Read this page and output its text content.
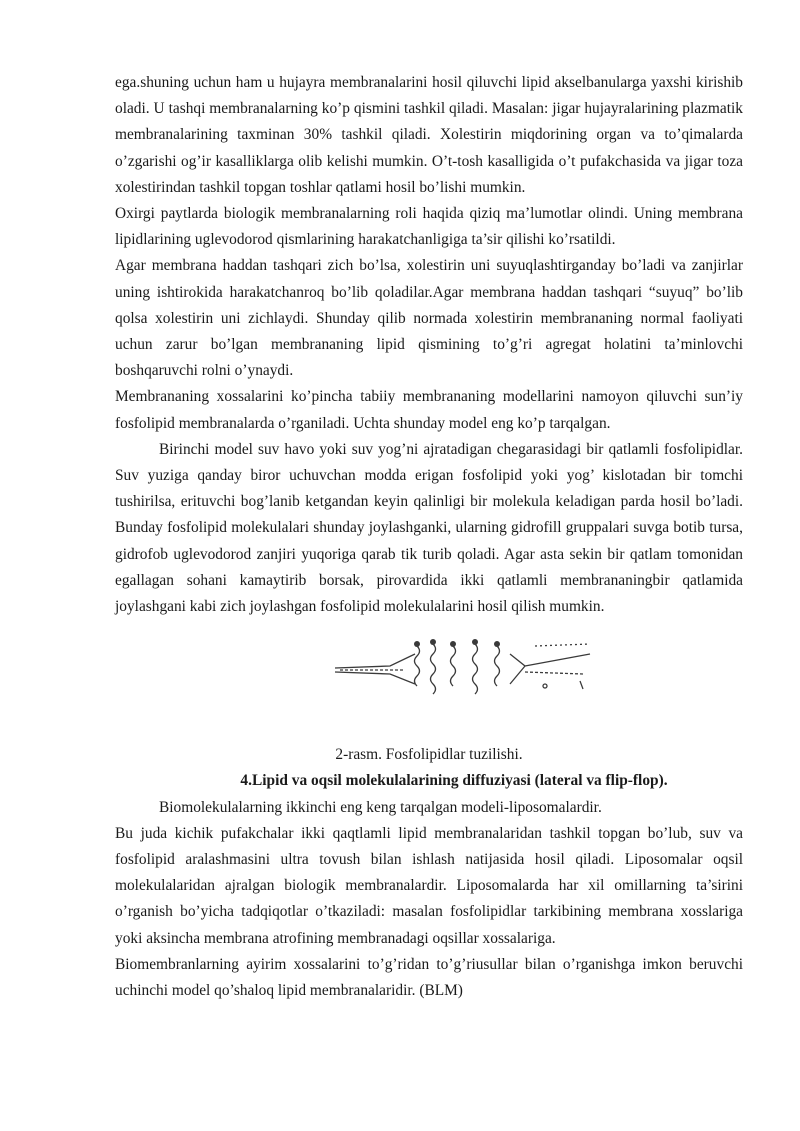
ega.shuning uchun ham u hujayra membranalarini hosil qiluvchi lipid akselbanularga yaxshi kirishib oladi. U tashqi membranalarning ko’p qismini tashkil qiladi. Masalan: jigar hujayralarining plazmatik membranalarining taxminan 30% tashkil qiladi. Xolestirin miqdorining organ va to’qimalarda o’zgarishi og’ir kasalliklarga olib kelishi mumkin. O’t-tosh kasalligida o’t pufakchasida va jigar toza xolestirindan tashkil topgan toshlar qatlami hosil bo’lishi mumkin.

Oxirgi paytlarda biologik membranalarning roli haqida qiziq ma’lumotlar olindi. Uning membrana lipidlarining uglevodorod qismlarining harakatchanligiga ta’sir qilishi ko’rsatildi.

Agar membrana haddan tashqari zich bo’lsa, xolestirin uni suyuqlashtirganday bo’ladi va zanjirlar uning ishtirokida harakatchanroq bo’lib qoladilar.Agar membrana haddan tashqari “suyuq” bo’lib qolsa xolestirin uni zichlaydi. Shunday qilib normada xolestirin membrananing normal faoliyati uchun zarur bo’lgan membrananing lipid qismining to’g’ri agregat holatini ta’minlovchi boshqaruvchi rolni o’ynaydi.

Membrananing xossalarini ko’pincha tabiiy membrananing modellarini namoyon qiluvchi sun’iy fosfolipid membranalarda o’rganiladi. Uchta shunday model eng ko’p tarqalgan.

Birinchi model suv havo yoki suv yog’ni ajratadigan chegarasidagi bir qatlamli fosfolipidlar. Suv yuziga qanday biror uchuvchan modda erigan fosfolipid yoki yog’ kislotadan bir tomchi tushirilsa, erituvchi bog’lanib ketgandan keyin qalinligi bir molekula keladigan parda hosil bo’ladi. Bunday fosfolipid molekulalari shunday joylashganki, ularning gidrofill gruppalari suvga botib tursa, gidrofob uglevodorod zanjiri yuqoriga qarab tik turib qoladi. Agar asta sekin bir qatlam tomonidan egallagan sohani kamaytirib borsak, pirovardida ikki qatlamli membrananingbir qatlamida joylashgani kabi zich joylashgan fosfolipid molekulalarini hosil qilish mumkin.

2-rasm. Fosfolipidlar tuzilishi.
4.Lipid va oqsil molekulalarining diffuziyasi (lateral va flip-flop).

Biomolekulalarning ikkinchi eng keng tarqalgan modeli-liposomalardir.

Bu juda kichik pufakchalar ikki qaqtlamli lipid membranalaridan tashkil topgan bo’lub, suv va fosfolipid aralashmasini ultra tovush bilan ishlash natijasida hosil qiladi. Liposomalar oqsil molekulalaridan ajralgan biologik membranalardir. Liposomalarda har xil omillarning ta’sirini o’rganish bo’yicha tadqiqotlar o’tkaziladi: masalan fosfolipidlar tarkibining membrana xosslariga yoki aksincha membrana atrofining membranadagi oqsillar xossalariga.

Biomembranlarning ayirim xossalarini to’g’ridan to’g’riusullar bilan o’rganishga imkon beruvchi uchinchi model qo’shaloq lipid membranalaridir. (BLM)
